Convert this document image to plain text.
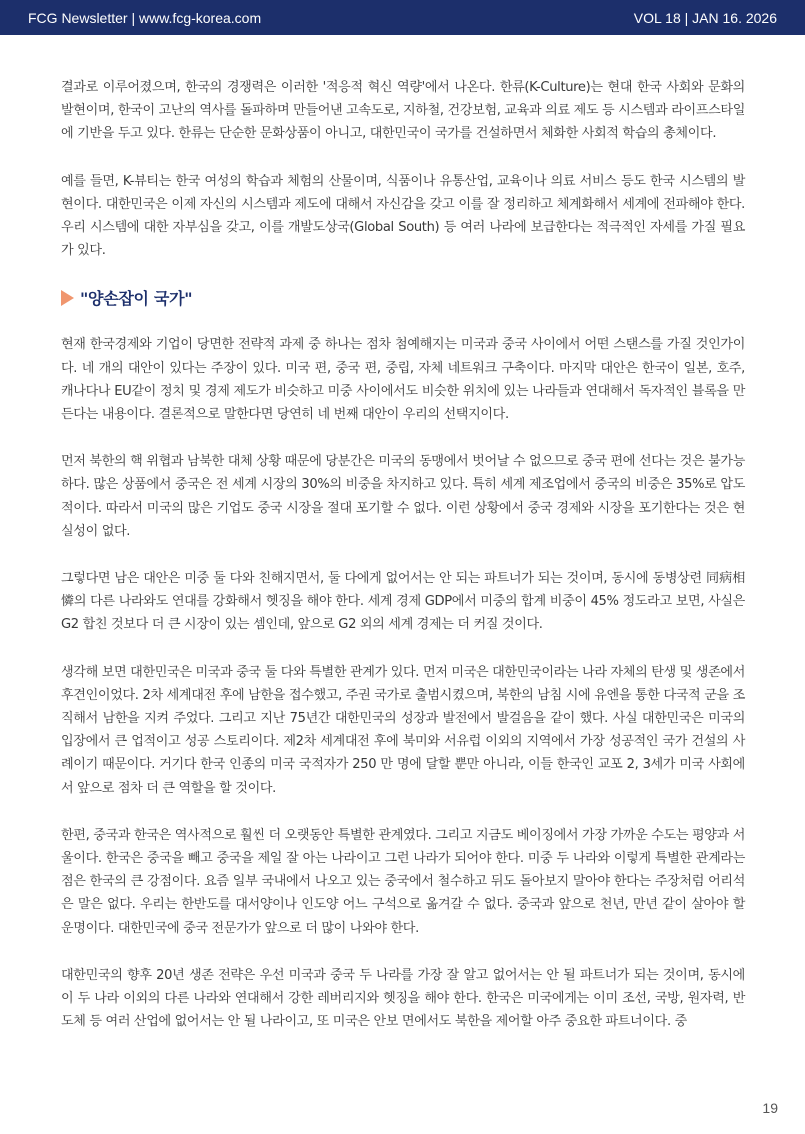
FCG Newsletter | www.fcg-korea.com	VOL 18 | JAN 16. 2026

결과로 이루어졌으며, 한국의 경쟁력은 이러한 '적응적 혁신 역량'에서 나온다. 한류(K-Culture)는 현대 한국 사회와 문화의 발현이며, 한국이 고난의 역사를 돌파하며 만들어낸 고속도로, 지하철, 건강보험, 교육과 의료 제도 등 시스템과 라이프스타일에 기반을 두고 있다. 한류는 단순한 문화상품이 아니고, 대한민국이 국가를 건설하면서 체화한 사회적 학습의 총체이다.

예를 들면, K-뷰티는 한국 여성의 학습과 체험의 산물이며, 식품이나 유통산업, 교육이나 의료 서비스 등도 한국 시스템의 발현이다. 대한민국은 이제 자신의 시스템과 제도에 대해서 자신감을 갖고 이를 잘 정리하고 체계화해서 세계에 전파해야 한다. 우리 시스템에 대한 자부심을 갖고, 이를 개발도상국(Global South) 등 여러 나라에 보급한다는 적극적인 자세를 가질 필요가 있다.

"양손잡이 국가"

현재 한국경제와 기업이 당면한 전략적 과제 중 하나는 점차 첨예해지는 미국과 중국 사이에서 어떤 스탠스를 가질 것인가이다. 네 개의 대안이 있다는 주장이 있다. 미국 편, 중국 편, 중립, 자체 네트워크 구축이다. 마지막 대안은 한국이 일본, 호주, 캐나다나 EU같이 정치 및 경제 제도가 비슷하고 미중 사이에서도 비슷한 위치에 있는 나라들과 연대해서 독자적인 블록을 만든다는 내용이다. 결론적으로 말한다면 당연히 네 번째 대안이 우리의 선택지이다.

먼저 북한의 핵 위협과 남북한 대체 상황 때문에 당분간은 미국의 동맹에서 벗어날 수 없으므로 중국 편에 선다는 것은 불가능하다. 많은 상품에서 중국은 전 세계 시장의 30%의 비중을 차지하고 있다. 특히 세계 제조업에서 중국의 비중은 35%로 압도적이다. 따라서 미국의 많은 기업도 중국 시장을 절대 포기할 수 없다. 이런 상황에서 중국 경제와 시장을 포기한다는 것은 현실성이 없다.

그렇다면 남은 대안은 미중 둘 다와 친해지면서, 둘 다에게 없어서는 안 되는 파트너가 되는 것이며, 동시에 동병상련 同病相憐의 다른 나라와도 연대를 강화해서 헷징을 해야 한다. 세계 경제 GDP에서 미중의 합계 비중이 45% 정도라고 보면, 사실은 G2 합친 것보다 더 큰 시장이 있는 셈인데, 앞으로 G2 외의 세계 경제는 더 커질 것이다.

생각해 보면 대한민국은 미국과 중국 둘 다와 특별한 관계가 있다. 먼저 미국은 대한민국이라는 나라 자체의 탄생 및 생존에서 후견인이었다. 2차 세계대전 후에 남한을 접수했고, 주권 국가로 출범시켰으며, 북한의 남침 시에 유엔을 통한 다국적 군을 조직해서 남한을 지켜 주었다. 그리고 지난 75년간 대한민국의 성장과 발전에서 발걸음을 같이 했다. 사실 대한민국은 미국의 입장에서 큰 업적이고 성공 스토리이다. 제2차 세계대전 후에 북미와 서유럽 이외의 지역에서 가장 성공적인 국가 건설의 사례이기 때문이다. 거기다 한국 인종의 미국 국적자가 250 만 명에 달할 뿐만 아니라, 이들 한국인 교포 2, 3세가 미국 사회에서 앞으로 점차 더 큰 역할을 할 것이다.

한편, 중국과 한국은 역사적으로 훨씬 더 오랫동안 특별한 관계였다. 그리고 지금도 베이징에서 가장 가까운 수도는 평양과 서울이다. 한국은 중국을 빼고 중국을 제일 잘 아는 나라이고 그런 나라가 되어야 한다. 미중 두 나라와 이렇게 특별한 관계라는 점은 한국의 큰 강점이다. 요즘 일부 국내에서 나오고 있는 중국에서 철수하고 뒤도 돌아보지 말아야 한다는 주장처럼 어리석은 말은 없다. 우리는 한반도를 대서양이나 인도양 어느 구석으로 옮겨갈 수 없다. 중국과 앞으로 천년, 만년 같이 살아야 할 운명이다. 대한민국에 중국 전문가가 앞으로 더 많이 나와야 한다.

대한민국의 향후 20년 생존 전략은 우선 미국과 중국 두 나라를 가장 잘 알고 없어서는 안 될 파트너가 되는 것이며, 동시에 이 두 나라 이외의 다른 나라와 연대해서 강한 레버리지와 헷징을 해야 한다. 한국은 미국에게는 이미 조선, 국방, 원자력, 반도체 등 여러 산업에 없어서는 안 될 나라이고, 또 미국은 안보 면에서도 북한을 제어할 아주 중요한 파트너이다. 중

19
